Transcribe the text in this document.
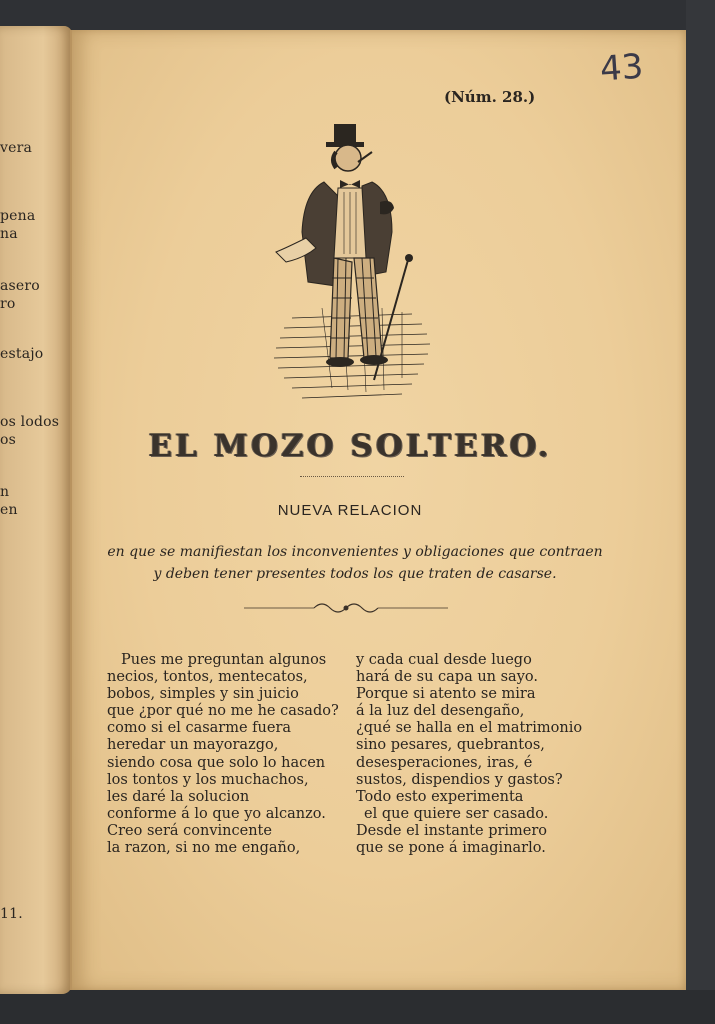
vera
pena
na
asero
ro
estajo
os lodos
os
n
en
11.
43
(Núm. 28.)
EL MOZO SOLTERO.
NUEVA RELACION
en que se manifiestan los inconvenientes y obligaciones que contraen
y deben tener presentes todos los que traten de casarse.
Pues me preguntan algunos
necios, tontos, mentecatos,
bobos, simples y sin juicio
que ¿por qué no me he casado?
como si el casarme fuera
heredar un mayorazgo,
siendo cosa que solo lo hacen
los tontos y los muchachos,
les daré la solucion
conforme á lo que yo alcanzo.
Creo será convincente
la razon, si no me engaño,
y cada cual desde luego
hará de su capa un sayo.
Porque si atento se mira
á la luz del desengaño,
¿qué se halla en el matrimonio
sino pesares, quebrantos,
desesperaciones, iras, é
sustos, dispendios y gastos?
Todo esto experimenta
el que quiere ser casado.
Desde el instante primero
que se pone á imaginarlo.
